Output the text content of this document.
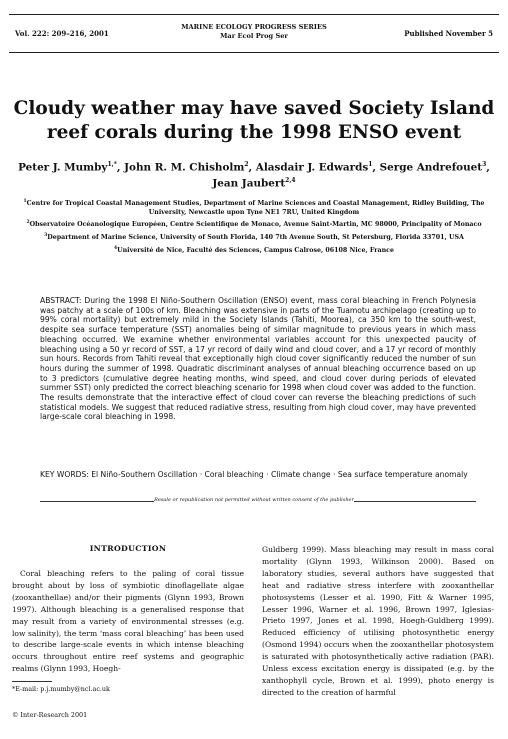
Vol. 222: 209–216, 2001
MARINE ECOLOGY PROGRESS SERIES
Mar Ecol Prog Ser	Published November 5
Cloudy weather may have saved Society Island reef corals during the 1998 ENSO event
Peter J. Mumby$^{1,*}$, John R. M. Chisholm$^2$, Alasdair J. Edwards$^1$, Serge Andrefouet$^3$, Jean Jaubert$^{2,4}$

$^1$Centre for Tropical Coastal Management Studies, Department of Marine Sciences and Coastal Management, Ridley Building, The University, Newcastle upon Tyne NE1 7RU, United Kingdom

$^2$Observatoire Océanologique Européen, Centre Scientifique de Monaco, Avenue Saint-Martin, MC 98000, Principality of Monaco

$^3$Department of Marine Science, University of South Florida, 140 7th Avenue South, St Petersburg, Florida 33701, USA

$^4$Université de Nice, Faculté des Sciences, Campus Calrose, 06108 Nice, France

ABSTRACT: During the 1998 El Niño-Southern Oscillation (ENSO) event, mass coral bleaching in French Polynesia was patchy at a scale of 100s of km. Bleaching was extensive in parts of the Tuamotu archipelago (creating up to 99% coral mortality) but extremely mild in the Society Islands (Tahiti, Moorea), ca 350 km to the south-west, despite sea surface temperature (SST) anomalies being of similar magnitude to previous years in which mass bleaching occurred. We examine whether environmental variables account for this unexpected paucity of bleaching using a 50 yr record of SST, a 17 yr record of daily wind and cloud cover, and a 17 yr record of monthly sun hours. Records from Tahiti reveal that exceptionally high cloud cover significantly reduced the number of sun hours during the summer of 1998. Quadratic discriminant analyses of annual bleaching occurrence based on up to 3 predictors (cumulative degree heating months, wind speed, and cloud cover during periods of elevated summer SST) only predicted the correct bleaching scenario for 1998 when cloud cover was added to the function. The results demonstrate that the interactive effect of cloud cover can reverse the bleaching predictions of such statistical models. We suggest that reduced radiative stress, resulting from high cloud cover, may have prevented large-scale coral bleaching in 1998.

KEY WORDS: El Niño-Southern Oscillation · Coral bleaching · Climate change · Sea surface temperature anomaly
Resale or republication not permitted without written consent of the publisher
INTRODUCTION
Coral bleaching refers to the paling of coral tissue brought about by loss of symbiotic dinoflagellate algae (zooxanthellae) and/or their pigments (Glynn 1993, Brown 1997). Although bleaching is a generalised response that may result from a variety of environmental stresses (e.g. low salinity), the term ‘mass coral bleaching’ has been used to describe large-scale events in which intense bleaching occurs throughout entire reef systems and geographic realms (Glynn 1993, Hoegh-
Guldberg 1999). Mass bleaching may result in mass coral mortality (Glynn 1993, Wilkinson 2000). Based on laboratory studies, several authors have suggested that heat and radiative stress interfere with zooxanthellar photosystems (Lesser et al. 1990, Fitt & Warner 1995, Lesser 1996, Warner et al. 1996, Brown 1997, Iglesias-Prieto 1997, Jones et al. 1998, Hoegh-Guldberg 1999). Reduced efficiency of utilising photosynthetic energy (Osmond 1994) occurs when the zooxanthellar photosystem is saturated with photosynthetically active radiation (PAR). Unless excess excitation energy is dissipated (e.g. by the xanthophyll cycle, Brown et al. 1999), photo energy is directed to the creation of harmful
*E-mail: p.j.mumby@ncl.ac.uk
© Inter-Research 2001
